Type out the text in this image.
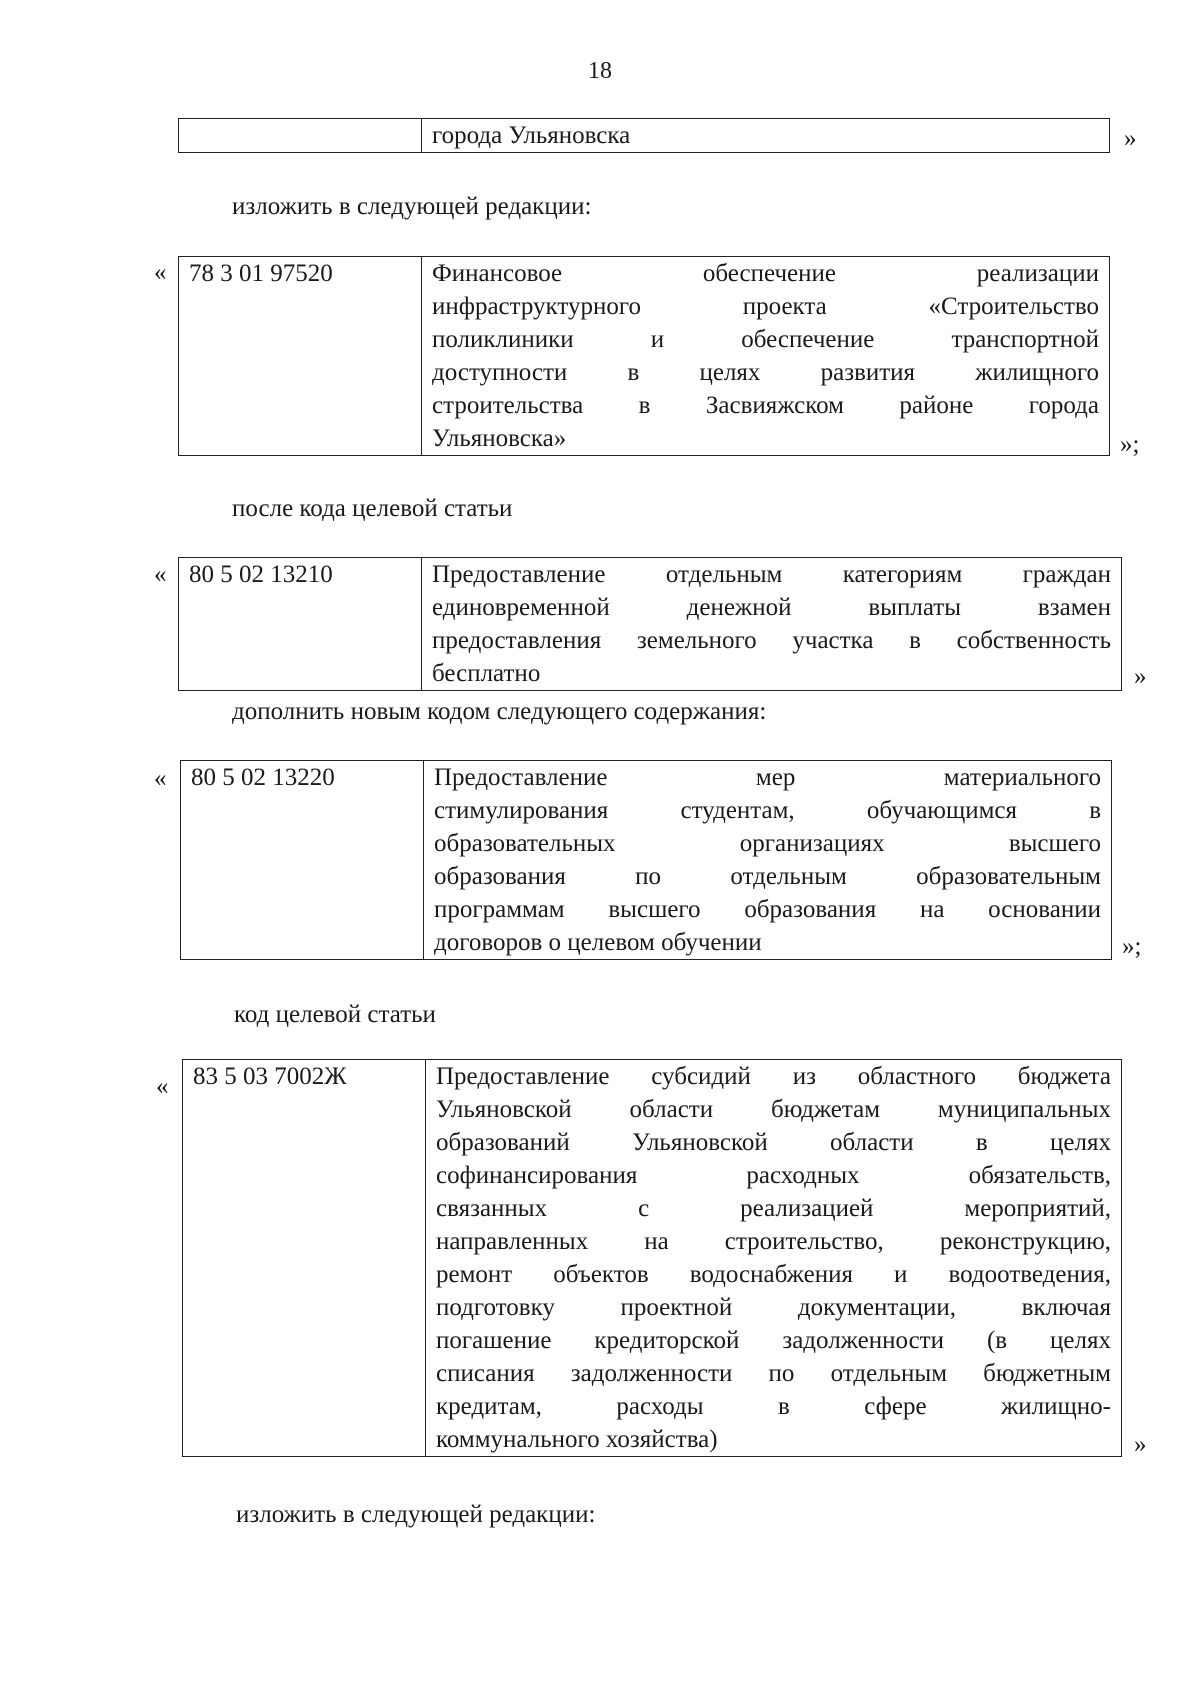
18

города Ульяновска	»
изложить в следующей редакции:
« 78 3 01 97520	Финансовое обеспечение реализации
инфраструктурного проекта «Строительство
поликлиники и обеспечение транспортной
доступности в целях развития жилищного
строительства в Засвияжском районе города
Ульяновска»	»;
после кода целевой статьи
« 80 5 02 13210	Предоставление отдельным категориям граждан
единовременной денежной выплаты взамен
предоставления земельного участка в собственность
бесплатно	»
дополнить новым кодом следующего содержания:
« 80 5 02 13220	Предоставление мер материального
стимулирования студентам, обучающимся в
образовательных организациях высшего
образования по отдельным образовательным
программам высшего образования на основании
договоров о целевом обучении	»;
код целевой статьи
« 83 5 03 7002Ж	Предоставление субсидий из областного бюджета
Ульяновской области бюджетам муниципальных
образований Ульяновской области в целях
софинансирования расходных обязательств,
связанных с реализацией мероприятий,
направленных на строительство, реконструкцию,
ремонт объектов водоснабжения и водоотведения,
подготовку проектной документации, включая
погашение кредиторской задолженности (в целях
списания задолженности по отдельным бюджетным
кредитам, расходы в сфере жилищно-
коммунального хозяйства)	»
изложить в следующей редакции:
